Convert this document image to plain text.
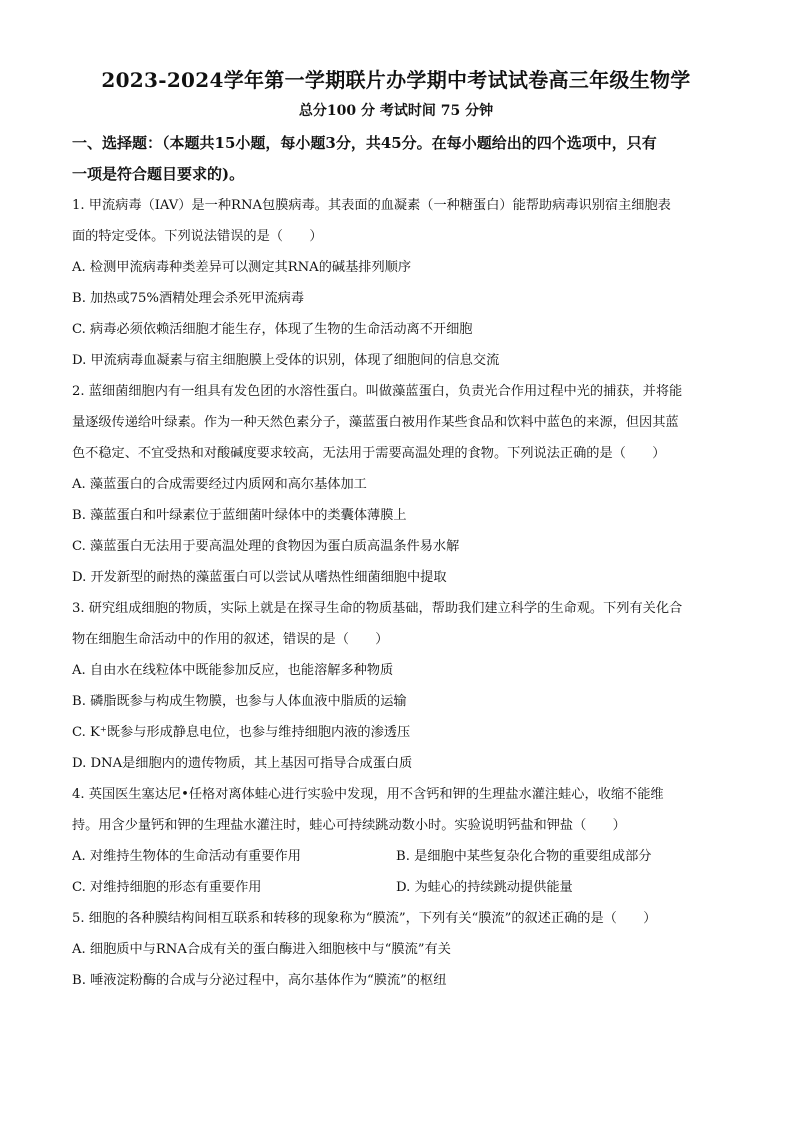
2023-2024学年第一学期联片办学期中考试试卷高三年级生物学
总分100 分 考试时间 75 分钟
一、选择题：（本题共15小题，每小题3分，共45分。在每小题给出的四个选项中，只有
一项是符合题目要求的)。
1. 甲流病毒（IAV）是一种RNA包膜病毒。其表面的血凝素（一种糖蛋白）能帮助病毒识别宿主细胞表
面的特定受体。下列说法错误的是（　　）
A. 检测甲流病毒种类差异可以测定其RNA的碱基排列顺序
B. 加热或75%酒精处理会杀死甲流病毒
C. 病毒必须依赖活细胞才能生存，体现了生物的生命活动离不开细胞
D. 甲流病毒血凝素与宿主细胞膜上受体的识别，体现了细胞间的信息交流
2. 蓝细菌细胞内有一组具有发色团的水溶性蛋白。叫做藻蓝蛋白，负责光合作用过程中光的捕获，并将能
量逐级传递给叶绿素。作为一种天然色素分子，藻蓝蛋白被用作某些食品和饮料中蓝色的来源，但因其蓝
色不稳定、不宜受热和对酸碱度要求较高，无法用于需要高温处理的食物。下列说法正确的是（　　）
A. 藻蓝蛋白的合成需要经过内质网和高尔基体加工
B. 藻蓝蛋白和叶绿素位于蓝细菌叶绿体中的类囊体薄膜上
C. 藻蓝蛋白无法用于要高温处理的食物因为蛋白质高温条件易水解
D. 开发新型的耐热的藻蓝蛋白可以尝试从嗜热性细菌细胞中提取
3. 研究组成细胞的物质，实际上就是在探寻生命的物质基础，帮助我们建立科学的生命观。下列有关化合
物在细胞生命活动中的作用的叙述，错误的是（　　）
A. 自由水在线粒体中既能参加反应，也能溶解多种物质
B. 磷脂既参与构成生物膜，也参与人体血液中脂质的运输
C. K⁺既参与形成静息电位，也参与维持细胞内液的渗透压
D. DNA是细胞内的遗传物质，其上基因可指导合成蛋白质
4. 英国医生塞达尼•任格对离体蛙心进行实验中发现，用不含钙和钾的生理盐水灌注蛙心，收缩不能维
持。用含少量钙和钾的生理盐水灌注时，蛙心可持续跳动数小时。实验说明钙盐和钾盐（　　）
A. 对维持生物体的生命活动有重要作用	B. 是细胞中某些复杂化合物的重要组成部分
C. 对维持细胞的形态有重要作用	D. 为蛙心的持续跳动提供能量
5. 细胞的各种膜结构间相互联系和转移的现象称为“膜流”，下列有关“膜流”的叙述正确的是（　　）
A. 细胞质中与RNA合成有关的蛋白酶进入细胞核中与“膜流”有关
B. 唾液淀粉酶的合成与分泌过程中，高尔基体作为“膜流”的枢纽
